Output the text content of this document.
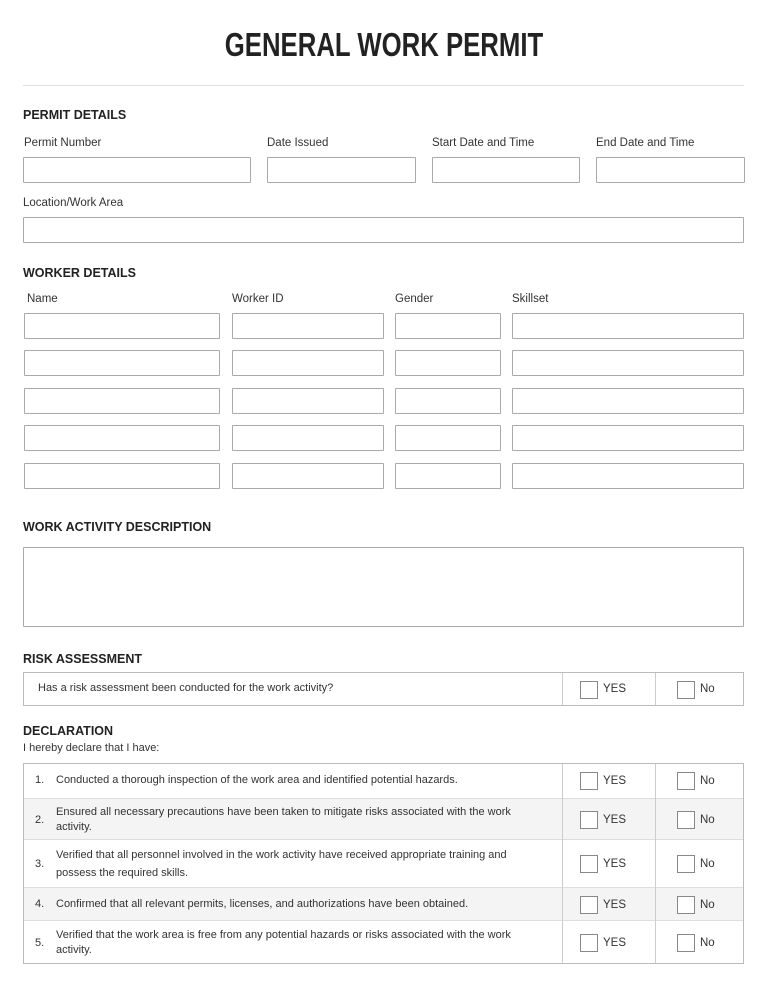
GENERAL WORK PERMIT
PERMIT DETAILS
Permit Number	Date Issued	Start Date and Time	End Date and Time
Location/Work Area
WORKER DETAILS
Name	Worker ID	Gender	Skillset
WORK ACTIVITY DESCRIPTION
RISK ASSESSMENT
Has a risk assessment been conducted for the work activity?	YES	No
DECLARATION
I hereby declare that I have:
1. Conducted a thorough inspection of the work area and identified potential hazards.	YES	No
2.
Ensured all necessary precautions have been taken to mitigate risks associated with the work activity.
YES	No
3.
Verified that all personnel involved in the work activity have received appropriate training and possess the required skills.
YES	No
4. Confirmed that all relevant permits, licenses, and authorizations have been obtained.	YES	No
5.
Verified that the work area is free from any potential hazards or risks associated with the work activity.
YES	No
